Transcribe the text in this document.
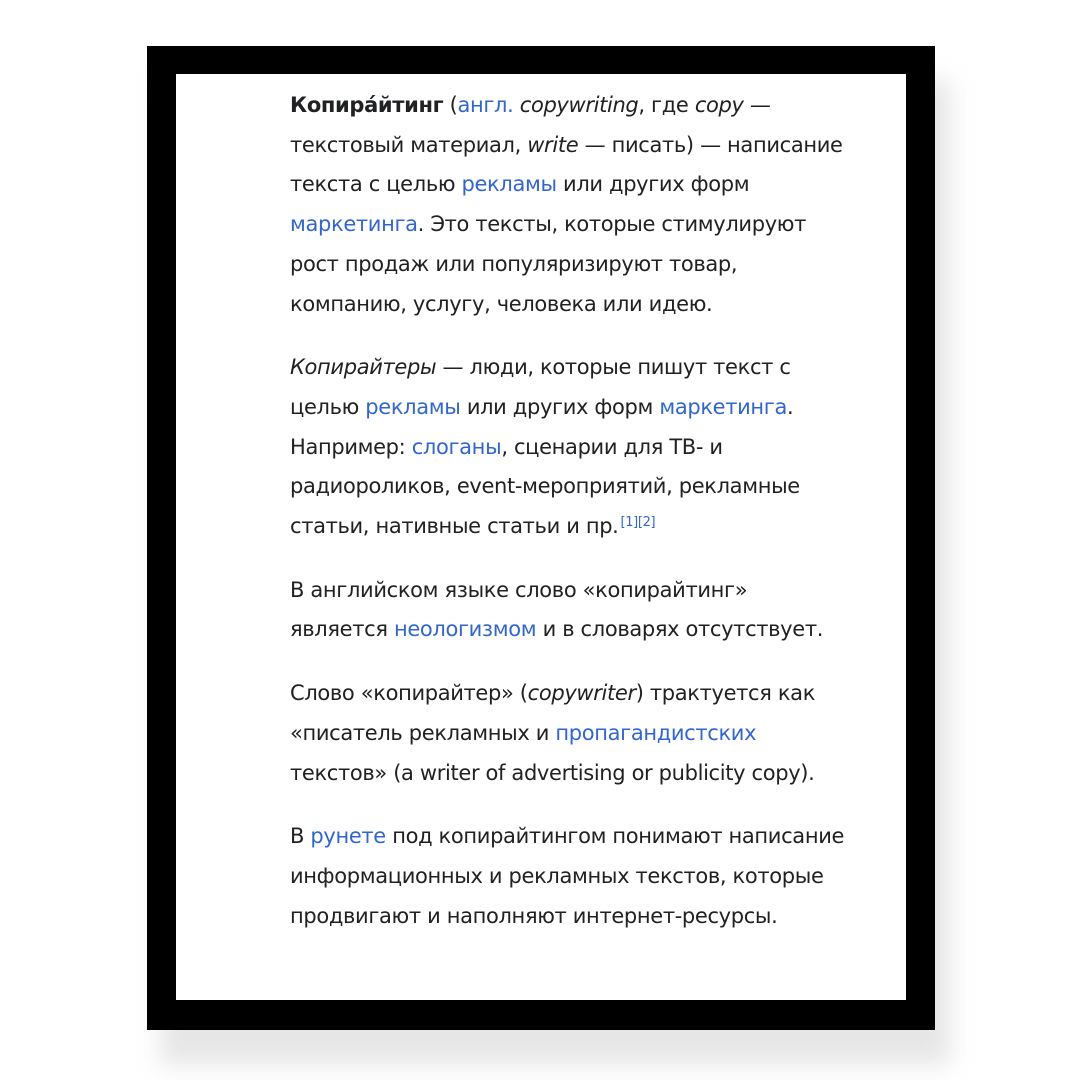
Копира́йтинг (англ. copywriting, где copy — текстовый материал, write — писать) — написание текста с целью рекламы или других форм маркетинга. Это тексты, которые стимулируют рост продаж или популяризируют товар, компанию, услугу, человека или идею.

Копирайтеры — люди, которые пишут текст с целью рекламы или других форм маркетинга. Например: слоганы, сценарии для ТВ- и радиороликов, event-мероприятий, рекламные статьи, нативные статьи и пр. [1][2]

В английском языке слово «копирайтинг» является неологизмом и в словарях отсутствует.

Слово «копирайтер» (copywriter) трактуется как «писатель рекламных и пропагандистских текстов» (a writer of advertising or publicity copy).

В рунете под копирайтингом понимают написание информационных и рекламных текстов, которые продвигают и наполняют интернет-ресурсы.
